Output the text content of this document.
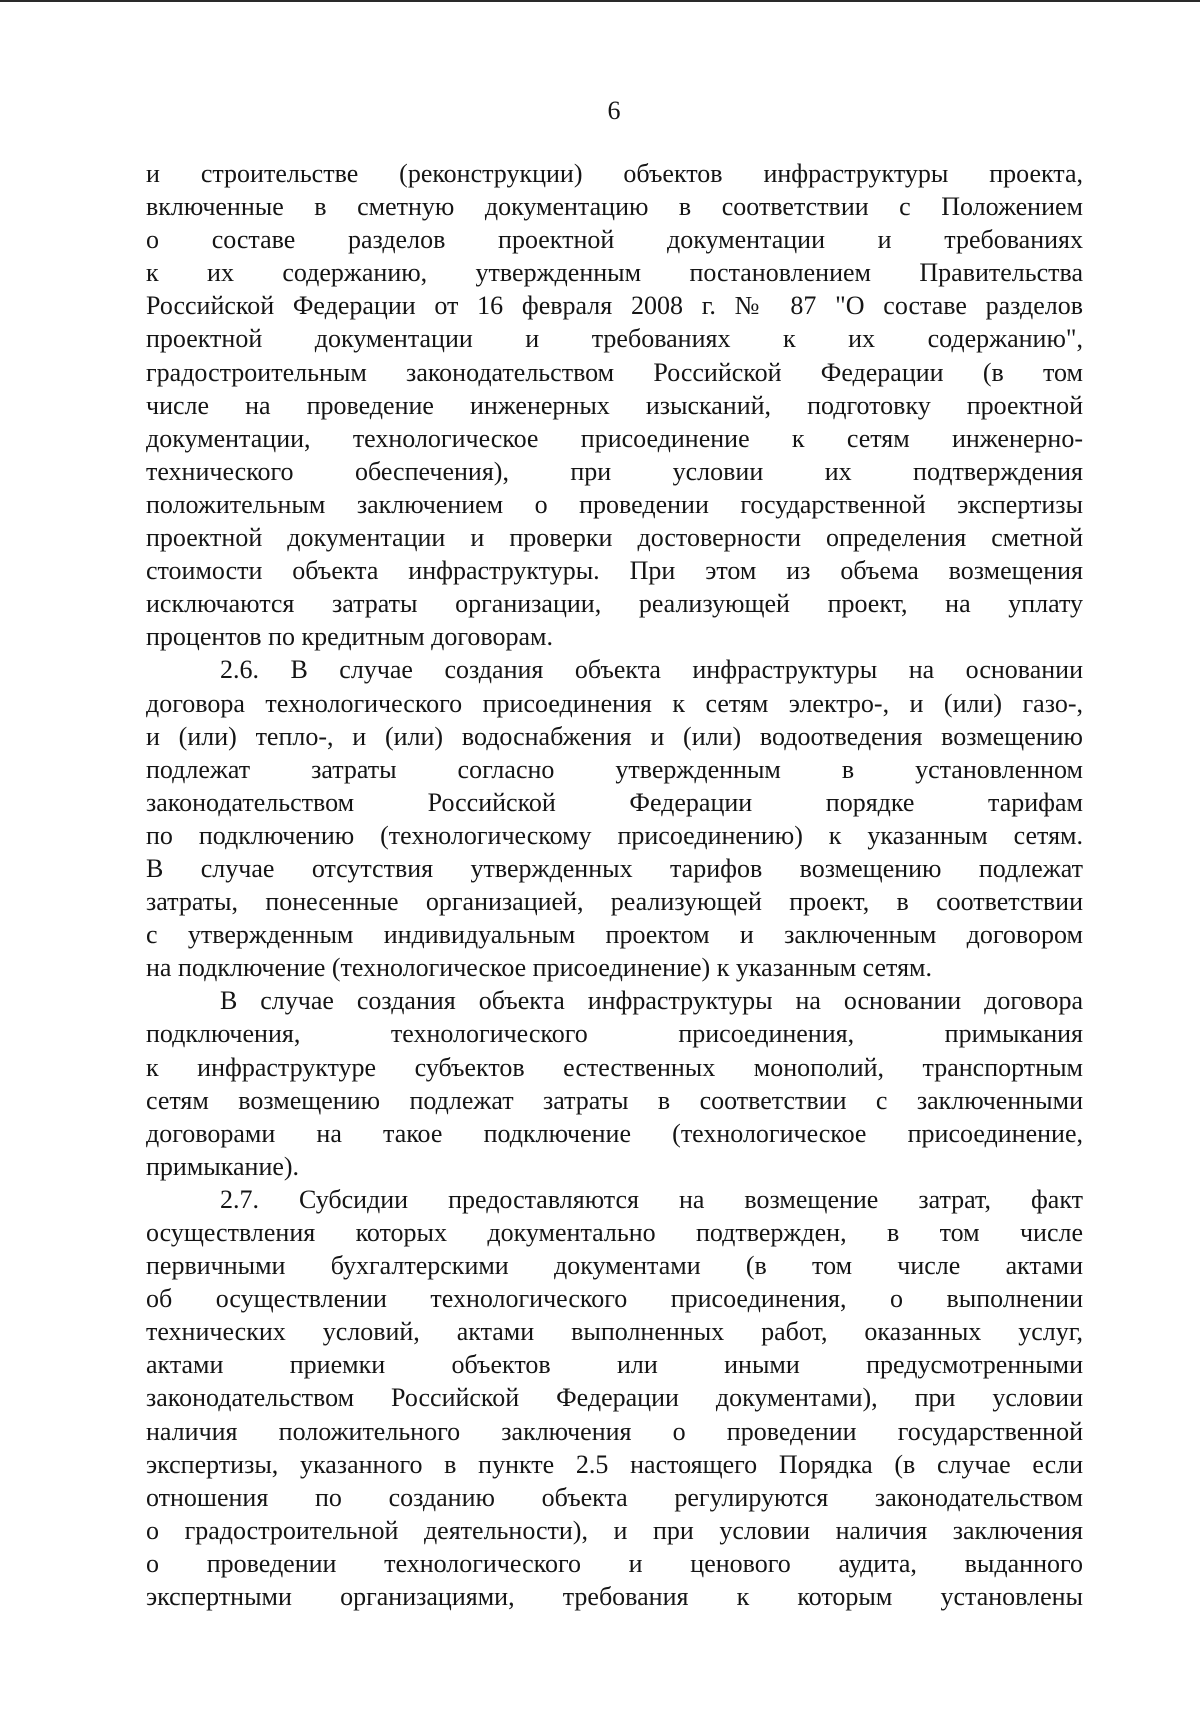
6
и строительстве (реконструкции) объектов инфраструктуры проекта,
включенные в сметную документацию в соответствии с Положением
о составе разделов проектной документации и требованиях
к их содержанию, утвержденным постановлением Правительства
Российской Федерации от 16 февраля 2008 г. № 87 "О составе разделов
проектной документации и требованиях к их содержанию",
градостроительным законодательством Российской Федерации (в том
числе на проведение инженерных изысканий, подготовку проектной
документации, технологическое присоединение к сетям инженерно-
технического обеспечения), при условии их подтверждения
положительным заключением о проведении государственной экспертизы
проектной документации и проверки достоверности определения сметной
стоимости объекта инфраструктуры. При этом из объема возмещения
исключаются затраты организации, реализующей проект, на уплату
процентов по кредитным договорам.
2.6. В случае создания объекта инфраструктуры на основании
договора технологического присоединения к сетям электро-, и (или) газо-,
и (или) тепло-, и (или) водоснабжения и (или) водоотведения возмещению
подлежат затраты согласно утвержденным в установленном
законодательством Российской Федерации порядке тарифам
по подключению (технологическому присоединению) к указанным сетям.
В случае отсутствия утвержденных тарифов возмещению подлежат
затраты, понесенные организацией, реализующей проект, в соответствии
с утвержденным индивидуальным проектом и заключенным договором
на подключение (технологическое присоединение) к указанным сетям.
В случае создания объекта инфраструктуры на основании договора
подключения, технологического присоединения, примыкания
к инфраструктуре субъектов естественных монополий, транспортным
сетям возмещению подлежат затраты в соответствии с заключенными
договорами на такое подключение (технологическое присоединение,
примыкание).
2.7. Субсидии предоставляются на возмещение затрат, факт
осуществления которых документально подтвержден, в том числе
первичными бухгалтерскими документами (в том числе актами
об осуществлении технологического присоединения, о выполнении
технических условий, актами выполненных работ, оказанных услуг,
актами приемки объектов или иными предусмотренными
законодательством Российской Федерации документами), при условии
наличия положительного заключения о проведении государственной
экспертизы, указанного в пункте 2.5 настоящего Порядка (в случае если
отношения по созданию объекта регулируются законодательством
о градостроительной деятельности), и при условии наличия заключения
о проведении технологического и ценового аудита, выданного
экспертными организациями, требования к которым установлены
